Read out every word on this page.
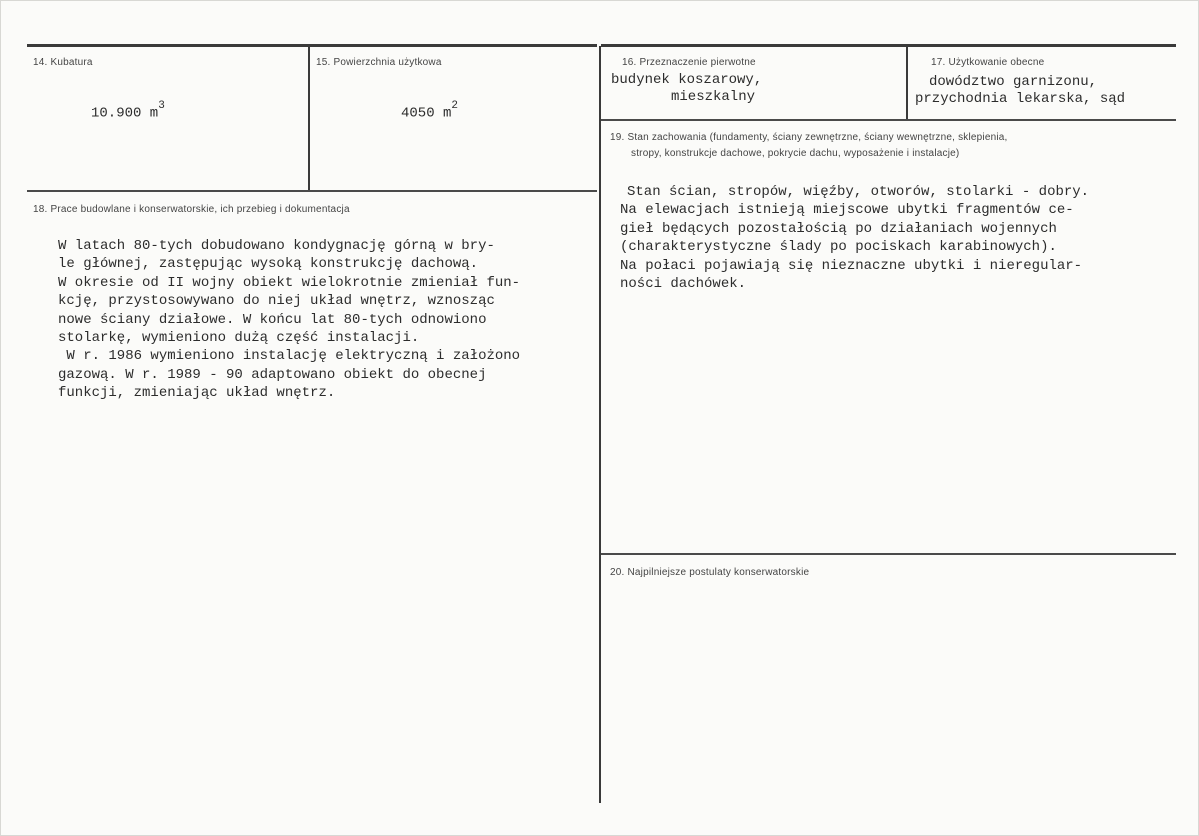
14. Kubatura
10.900 $m^3$
15. Powierzchnia użytkowa
4050 $m^2$
16. Przeznaczenie pierwotne
budynek koszarowy,
mieszkalny
17. Użytkowanie obecne
dowództwo garnizonu,
przychodnia lekarska, sąd
18. Prace budowlane i konserwatorskie, ich przebieg i dokumentacja
W latach 80-tych dobudowano kondygnację górną w bry-
le głównej, zastępując wysoką konstrukcję dachową.
W okresie od II wojny obiekt wielokrotnie zmieniał fun-
kcję, przystosowywano do niej układ wnętrz, wznosząc
nowe ściany działowe. W końcu lat 80-tych odnowiono
stolarkę, wymieniono dużą część instalacji.
W r. 1986 wymieniono instalację elektryczną i założono
gazową. W r. 1989 - 90 adaptowano obiekt do obecnej
funkcji, zmieniając układ wnętrz.
19. Stan zachowania (fundamenty, ściany zewnętrzne, ściany wewnętrzne, sklepienia,
stropy, konstrukcje dachowe, pokrycie dachu, wyposażenie i instalacje)
Stan ścian, stropów, więźby, otworów, stolarki - dobry.
Na elewacjach istnieją miejscowe ubytki fragmentów ce-
gieł będących pozostałością po działaniach wojennych
(charakterystyczne ślady po pociskach karabinowych).
Na połaci pojawiają się nieznaczne ubytki i nieregular-
ności dachówek.
20. Najpilniejsze postulaty konserwatorskie
